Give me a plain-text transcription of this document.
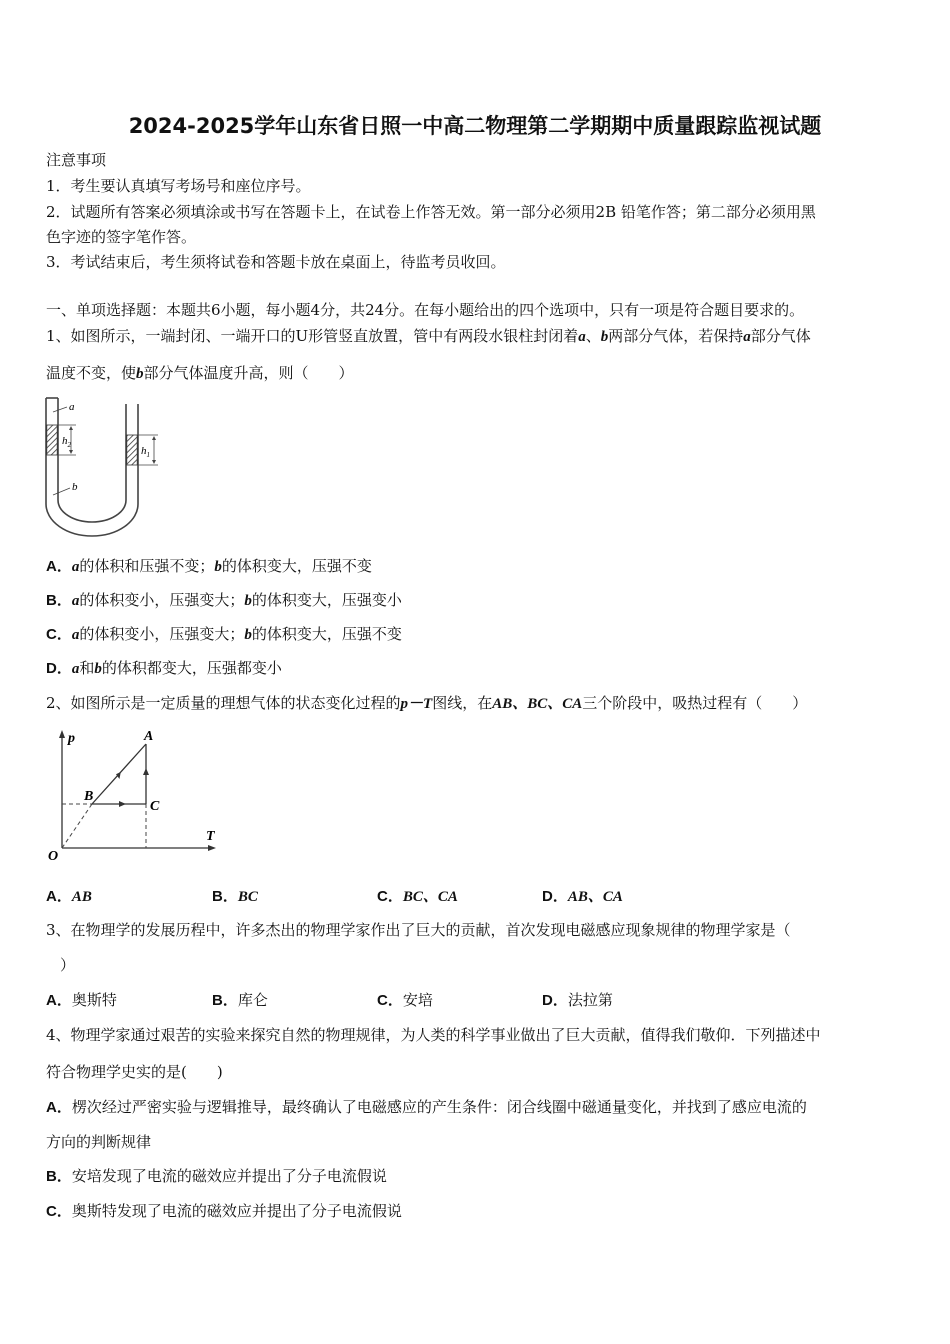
2024-2025学年山东省日照一中高二物理第二学期期中质量跟踪监视试题
注意事项
1．考生要认真填写考场号和座位序号。
2．试题所有答案必须填涂或书写在答题卡上，在试卷上作答无效。第一部分必须用2B 铅笔作答；第二部分必须用黑
色字迹的签字笔作答。
3．考试结束后，考生须将试卷和答题卡放在桌面上，待监考员收回。
一、单项选择题：本题共6小题，每小题4分，共24分。在每小题给出的四个选项中，只有一项是符合题目要求的。
1、如图所示，一端封闭、一端开口的U形管竖直放置，管中有两段水银柱封闭着a、b两部分气体，若保持a部分气体
温度不变，使b部分气体温度升高，则（　　）
$h_2$	$h_1$
a
b
A．a的体积和压强不变；b的体积变大，压强不变
B．a的体积变小，压强变大；b的体积变大，压强变小
C．a的体积变小，压强变大；b的体积变大，压强不变
D．a和b的体积都变大，压强都变小
2、如图所示是一定质量的理想气体的状态变化过程的p－T图线，在AB、BC、CA三个阶段中，吸热过程有（　　）
p
T
O
A
B
C
A．AB	B．BC	C．BC、CA	D．AB、CA
3、在物理学的发展历程中，许多杰出的物理学家作出了巨大的贡献，首次发现电磁感应现象规律的物理学家是（
）
A．奥斯特	B．库仑	C．安培	D．法拉第
4、物理学家通过艰苦的实验来探究自然的物理规律，为人类的科学事业做出了巨大贡献，值得我们敬仰．下列描述中
符合物理学史实的是(　　)
A．楞次经过严密实验与逻辑推导，最终确认了电磁感应的产生条件：闭合线圈中磁通量变化，并找到了感应电流的
方向的判断规律
B．安培发现了电流的磁效应并提出了分子电流假说
C．奥斯特发现了电流的磁效应并提出了分子电流假说
